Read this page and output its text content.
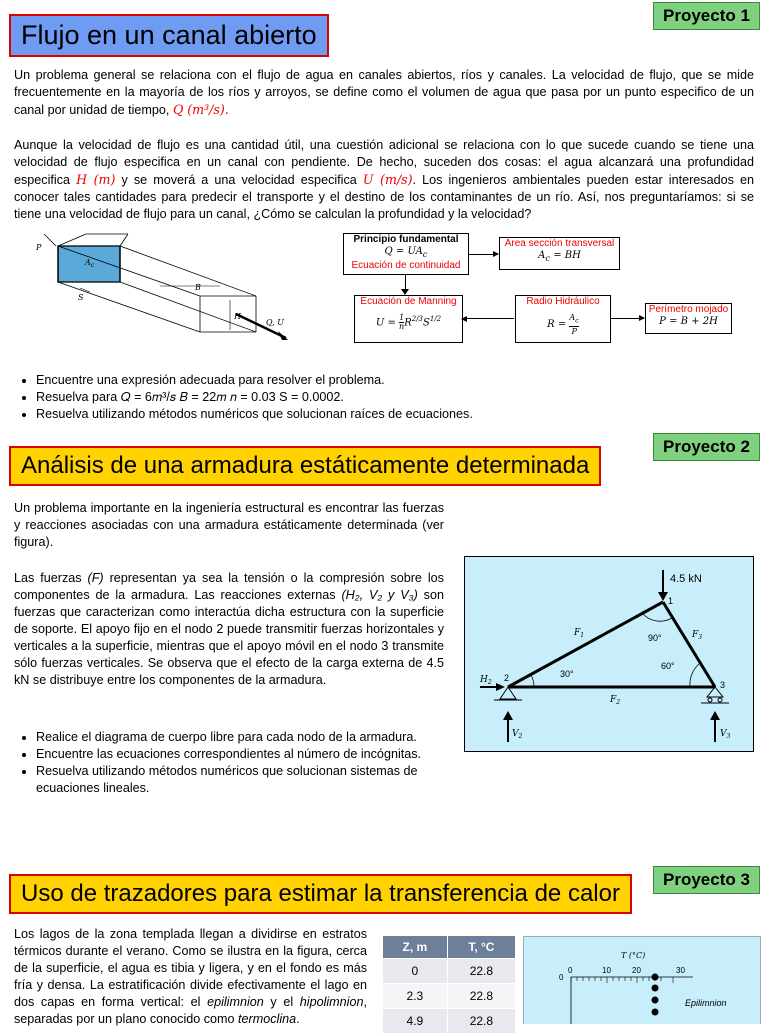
Proyecto 1
Flujo en un canal abierto

Un problema general se relaciona con el flujo de agua en canales abiertos, ríos y canales. La velocidad de flujo, que se mide frecuentemente en la mayoría de los ríos y arroyos, se define como el volumen de agua que pasa por un punto especifico de un canal por unidad de tiempo, Q (m³/s).

Aunque la velocidad de flujo es una cantidad útil, una cuestión adicional se relaciona con lo que sucede cuando se tiene una velocidad de flujo especifica en un canal con pendiente. De hecho, suceden dos cosas: el agua alcanzará una profundidad especifica H (m) y se moverá a una velocidad especifica U (m/s). Los ingenieros ambientales pueden estar interesados en conocer tales cantidades para predecir el transporte y el destino de los contaminantes de un río. Así, nos preguntaríamos: si se tiene una velocidad de flujo para un canal, ¿Cómo se calculan la profundidad y la velocidad?

P
$A_c$
B
S
H
Q, U
Principio fundamental
$Q = UA_c$
Ecuación de continuidad
Área sección transversal
$A_c$ = BH
Ecuación de Manning
$U = \frac{1}{n} R^{2/3}S^{1/2}$
Radio Hidráulico
$R = \frac{A_c}{P}$
Perímetro mojado
P = B + 2H
• Encuentre una expresión adecuada para resolver el problema.
• Resuelva para 𝑄 = 6𝑚³/𝑠 𝐵 = 22𝑚 𝑛 = 0.03 S = 0.0002.
• Resuelva utilizando métodos numéricos que solucionan raíces de ecuaciones.
Proyecto 2
Análisis de una armadura estáticamente determinada

Un problema importante en la ingeniería estructural es encontrar las fuerzas y reacciones asociadas con una armadura estáticamente determinada (ver figura).

Las fuerzas (F) representan ya sea la tensión o la compresión sobre los componentes de la armadura. Las reacciones externas (H₂, V₂ y V₃) son fuerzas que caracterizan como interactúa dicha estructura con la superficie de soporte. El apoyo fijo en el nodo 2 puede transmitir fuerzas horizontales y verticales a la superficie, mientras que el apoyo móvil en el nodo 3 transmite sólo fuerzas verticales. Se observa que el efecto de la carga externa de 4.5 kN se distribuye entre los componentes de la armadura.

4.5 kN
1
2
3
$F_1$
$F_2$
$F_3$
$H_2$
$V_2$	$V_3$
90°
60°
30°
• Realice el diagrama de cuerpo libre para cada nodo de la armadura.
• Encuentre las ecuaciones correspondientes al número de incógnitas.
• Resuelva utilizando métodos numéricos que solucionan sistemas de ecuaciones lineales.
Proyecto 3
Uso de trazadores para estimar la transferencia de calor

Los lagos de la zona templada llegan a dividirse en estratos térmicos durante el verano. Como se ilustra en la figura, cerca de la superficie, el agua es tibia y ligera, y en el fondo es más fría y densa. La estratificación divide efectivamente el lago en dos capas en forma vertical: el epilimnion y el hipolimnion, separadas por un plano conocido como termoclina.

Z, m	T, °C
0	22.8
2.3	22.8
4.9	22.8
T (°C)
0	10	20	30
0
Epilimnion
